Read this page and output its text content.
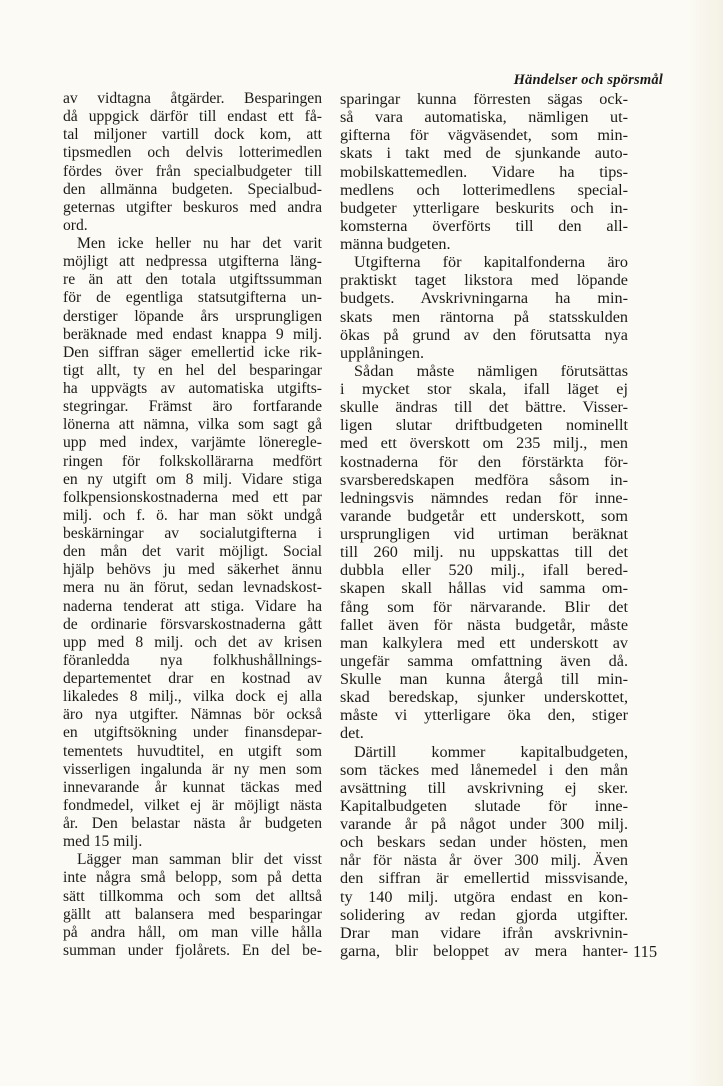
Händelser och spörsmål
av vidtagna åtgärder. Besparingen
då uppgick därför till endast ett få-
tal miljoner vartill dock kom, att
tipsmedlen och delvis lotterimedlen
fördes över från specialbudgeter till
den allmänna budgeten. Specialbud-
geternas utgifter beskuros med andra
ord.
Men icke heller nu har det varit
möjligt att nedpressa utgifterna läng-
re än att den totala utgiftssumman
för de egentliga statsutgifterna un-
derstiger löpande års ursprungligen
beräknade med endast knappa 9 milj.
Den siffran säger emellertid icke rik-
tigt allt, ty en hel del besparingar
ha uppvägts av automatiska utgifts-
stegringar. Främst äro fortfarande
lönerna att nämna, vilka som sagt gå
upp med index, varjämte löneregle-
ringen för folkskollärarna medfört
en ny utgift om 8 milj. Vidare stiga
folkpensionskostnaderna med ett par
milj. och f. ö. har man sökt undgå
beskärningar av socialutgifterna i
den mån det varit möjligt. Social
hjälp behövs ju med säkerhet ännu
mera nu än förut, sedan levnadskost-
naderna tenderat att stiga. Vidare ha
de ordinarie försvarskostnaderna gått
upp med 8 milj. och det av krisen
föranledda nya folkhushållnings-
departementet drar en kostnad av
likaledes 8 milj., vilka dock ej alla
äro nya utgifter. Nämnas bör också
en utgiftsökning under finansdepar-
tementets huvudtitel, en utgift som
visserligen ingalunda är ny men som
innevarande år kunnat täckas med
fondmedel, vilket ej är möjligt nästa
år. Den belastar nästa år budgeten
med 15 milj.
Lägger man samman blir det visst
inte några små belopp, som på detta
sätt tillkomma och som det alltså
gällt att balansera med besparingar
på andra håll, om man ville hålla
summan under fjolårets. En del be-
sparingar kunna förresten sägas ock-
så vara automatiska, nämligen ut-
gifterna för vägväsendet, som min-
skats i takt med de sjunkande auto-
mobilskattemedlen. Vidare ha tips-
medlens och lotterimedlens special-
budgeter ytterligare beskurits och in-
komsterna överförts till den all-
männa budgeten.
Utgifterna för kapitalfonderna äro
praktiskt taget likstora med löpande
budgets. Avskrivningarna ha min-
skats men räntorna på statsskulden
ökas på grund av den förutsatta nya
upplåningen.
Sådan måste nämligen förutsättas
i mycket stor skala, ifall läget ej
skulle ändras till det bättre. Visser-
ligen slutar driftbudgeten nominellt
med ett överskott om 235 milj., men
kostnaderna för den förstärkta för-
svarsberedskapen medföra såsom in-
ledningsvis nämndes redan för inne-
varande budgetår ett underskott, som
ursprungligen vid urtiman beräknat
till 260 milj. nu uppskattas till det
dubbla eller 520 milj., ifall bered-
skapen skall hållas vid samma om-
fång som för närvarande. Blir det
fallet även för nästa budgetår, måste
man kalkylera med ett underskott av
ungefär samma omfattning även då.
Skulle man kunna återgå till min-
skad beredskap, sjunker underskottet,
måste vi ytterligare öka den, stiger
det.
Därtill kommer kapitalbudgeten,
som täckes med lånemedel i den mån
avsättning till avskrivning ej sker.
Kapitalbudgeten slutade för inne-
varande år på något under 300 milj.
och beskars sedan under hösten, men
når för nästa år över 300 milj. Även
den siffran är emellertid missvisande,
ty 140 milj. utgöra endast en kon-
solidering av redan gjorda utgifter.
Drar man vidare ifrån avskrivnin-
garna, blir beloppet av mera hanter- 115
